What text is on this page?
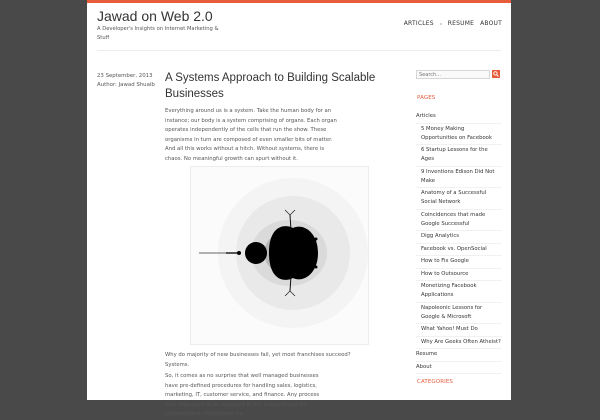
Jawad on Web 2.0
A Developer's Insights on Internet Marketing & Stuff
ARTICLES RESUME ABOUT
23 September, 2013
Author: Jawad Shuaib
A Systems Approach to Building Scalable Businesses
Everything around us is a system. Take the human body for an instance; our body is a system comprising of organs. Each organ operates independently of the cells that run the show. These organisms in turn are composed of even smaller bits of matter. And all this works without a hitch. Without systems, there is chaos. No meaningful growth can spurt without it.
Why do majority of new businesses fail, yet most franchises succeed? Systems.
So, it comes as no surprise that well managed businesses have pre-defined procedures for handling sales, logistics, marketing, IT, customer service, and finance. Any process that may need to be repeated in the future should be systematized. Procedures are
Search...
PAGES
Articles
5 Money Making Opportunities on Facebook
6 Startup Lessons for the Ages
9 Inventions Edison Did Not Make
Anatomy of a Successful Social Network
Coincidences that made Google Successful
Digg Analytics
Facebook vs. OpenSocial
How to Fix Google
How to Outsource
Monetizing Facebook Applications
Napoleonic Lessons for Google & Microsoft
What Yahoo! Must Do
Why Are Geeks Often Atheist?
Resume
About
CATEGORIES
